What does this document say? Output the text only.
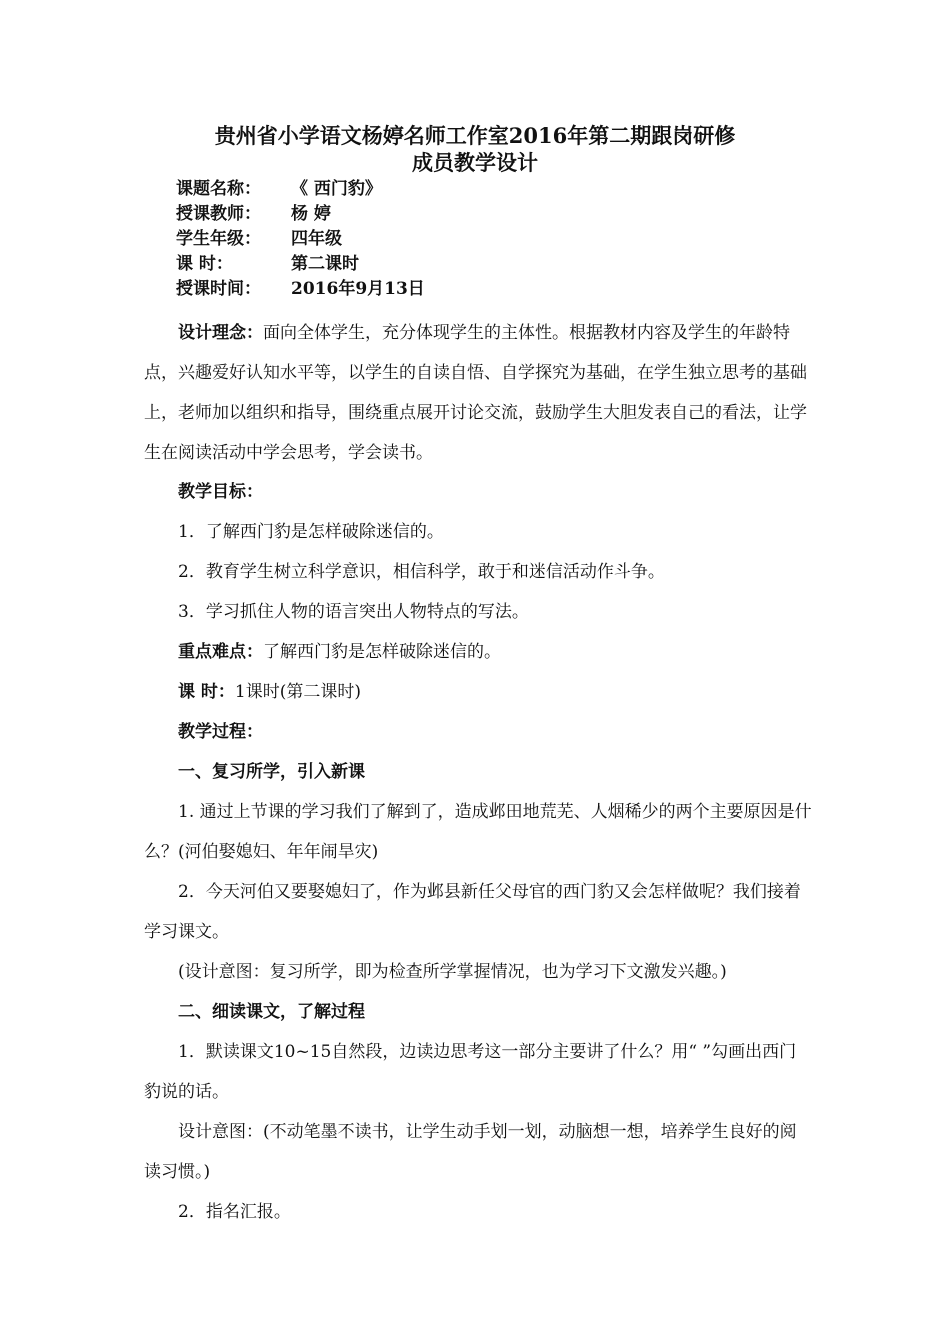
贵州省小学语文杨婷名师工作室2016年第二期跟岗研修
成员教学设计
课题名称： 《 西门豹》
授课教师： 杨 婷
学生年级： 四年级
课 时：	第二课时
授课时间： 2016年9月13日

设计理念：面向全体学生，充分体现学生的主体性。根据教材内容及学生的年龄特点，兴趣爱好认知水平等，以学生的自读自悟、自学探究为基础，在学生独立思考的基础上，老师加以组织和指导，围绕重点展开讨论交流，鼓励学生大胆发表自己的看法，让学生在阅读活动中学会思考，学会读书。

教学目标：

1．了解西门豹是怎样破除迷信的。

2．教育学生树立科学意识，相信科学，敢于和迷信活动作斗争。

3．学习抓住人物的语言突出人物特点的写法。

重点难点：了解西门豹是怎样破除迷信的。

课 时：1课时(第二课时)

教学过程：

一、复习所学，引入新课

1. 通过上节课的学习我们了解到了，造成邺田地荒芜、人烟稀少的两个主要原因是什么？(河伯娶媳妇、年年闹旱灾)

2．今天河伯又要娶媳妇了，作为邺县新任父母官的西门豹又会怎样做呢？我们接着学习课文。

(设计意图：复习所学，即为检查所学掌握情况，也为学习下文激发兴趣。)

二、细读课文，了解过程

1．默读课文10~15自然段，边读边思考这一部分主要讲了什么？用“ ”勾画出西门豹说的话。

设计意图：(不动笔墨不读书，让学生动手划一划，动脑想一想，培养学生良好的阅读习惯。)

2．指名汇报。
